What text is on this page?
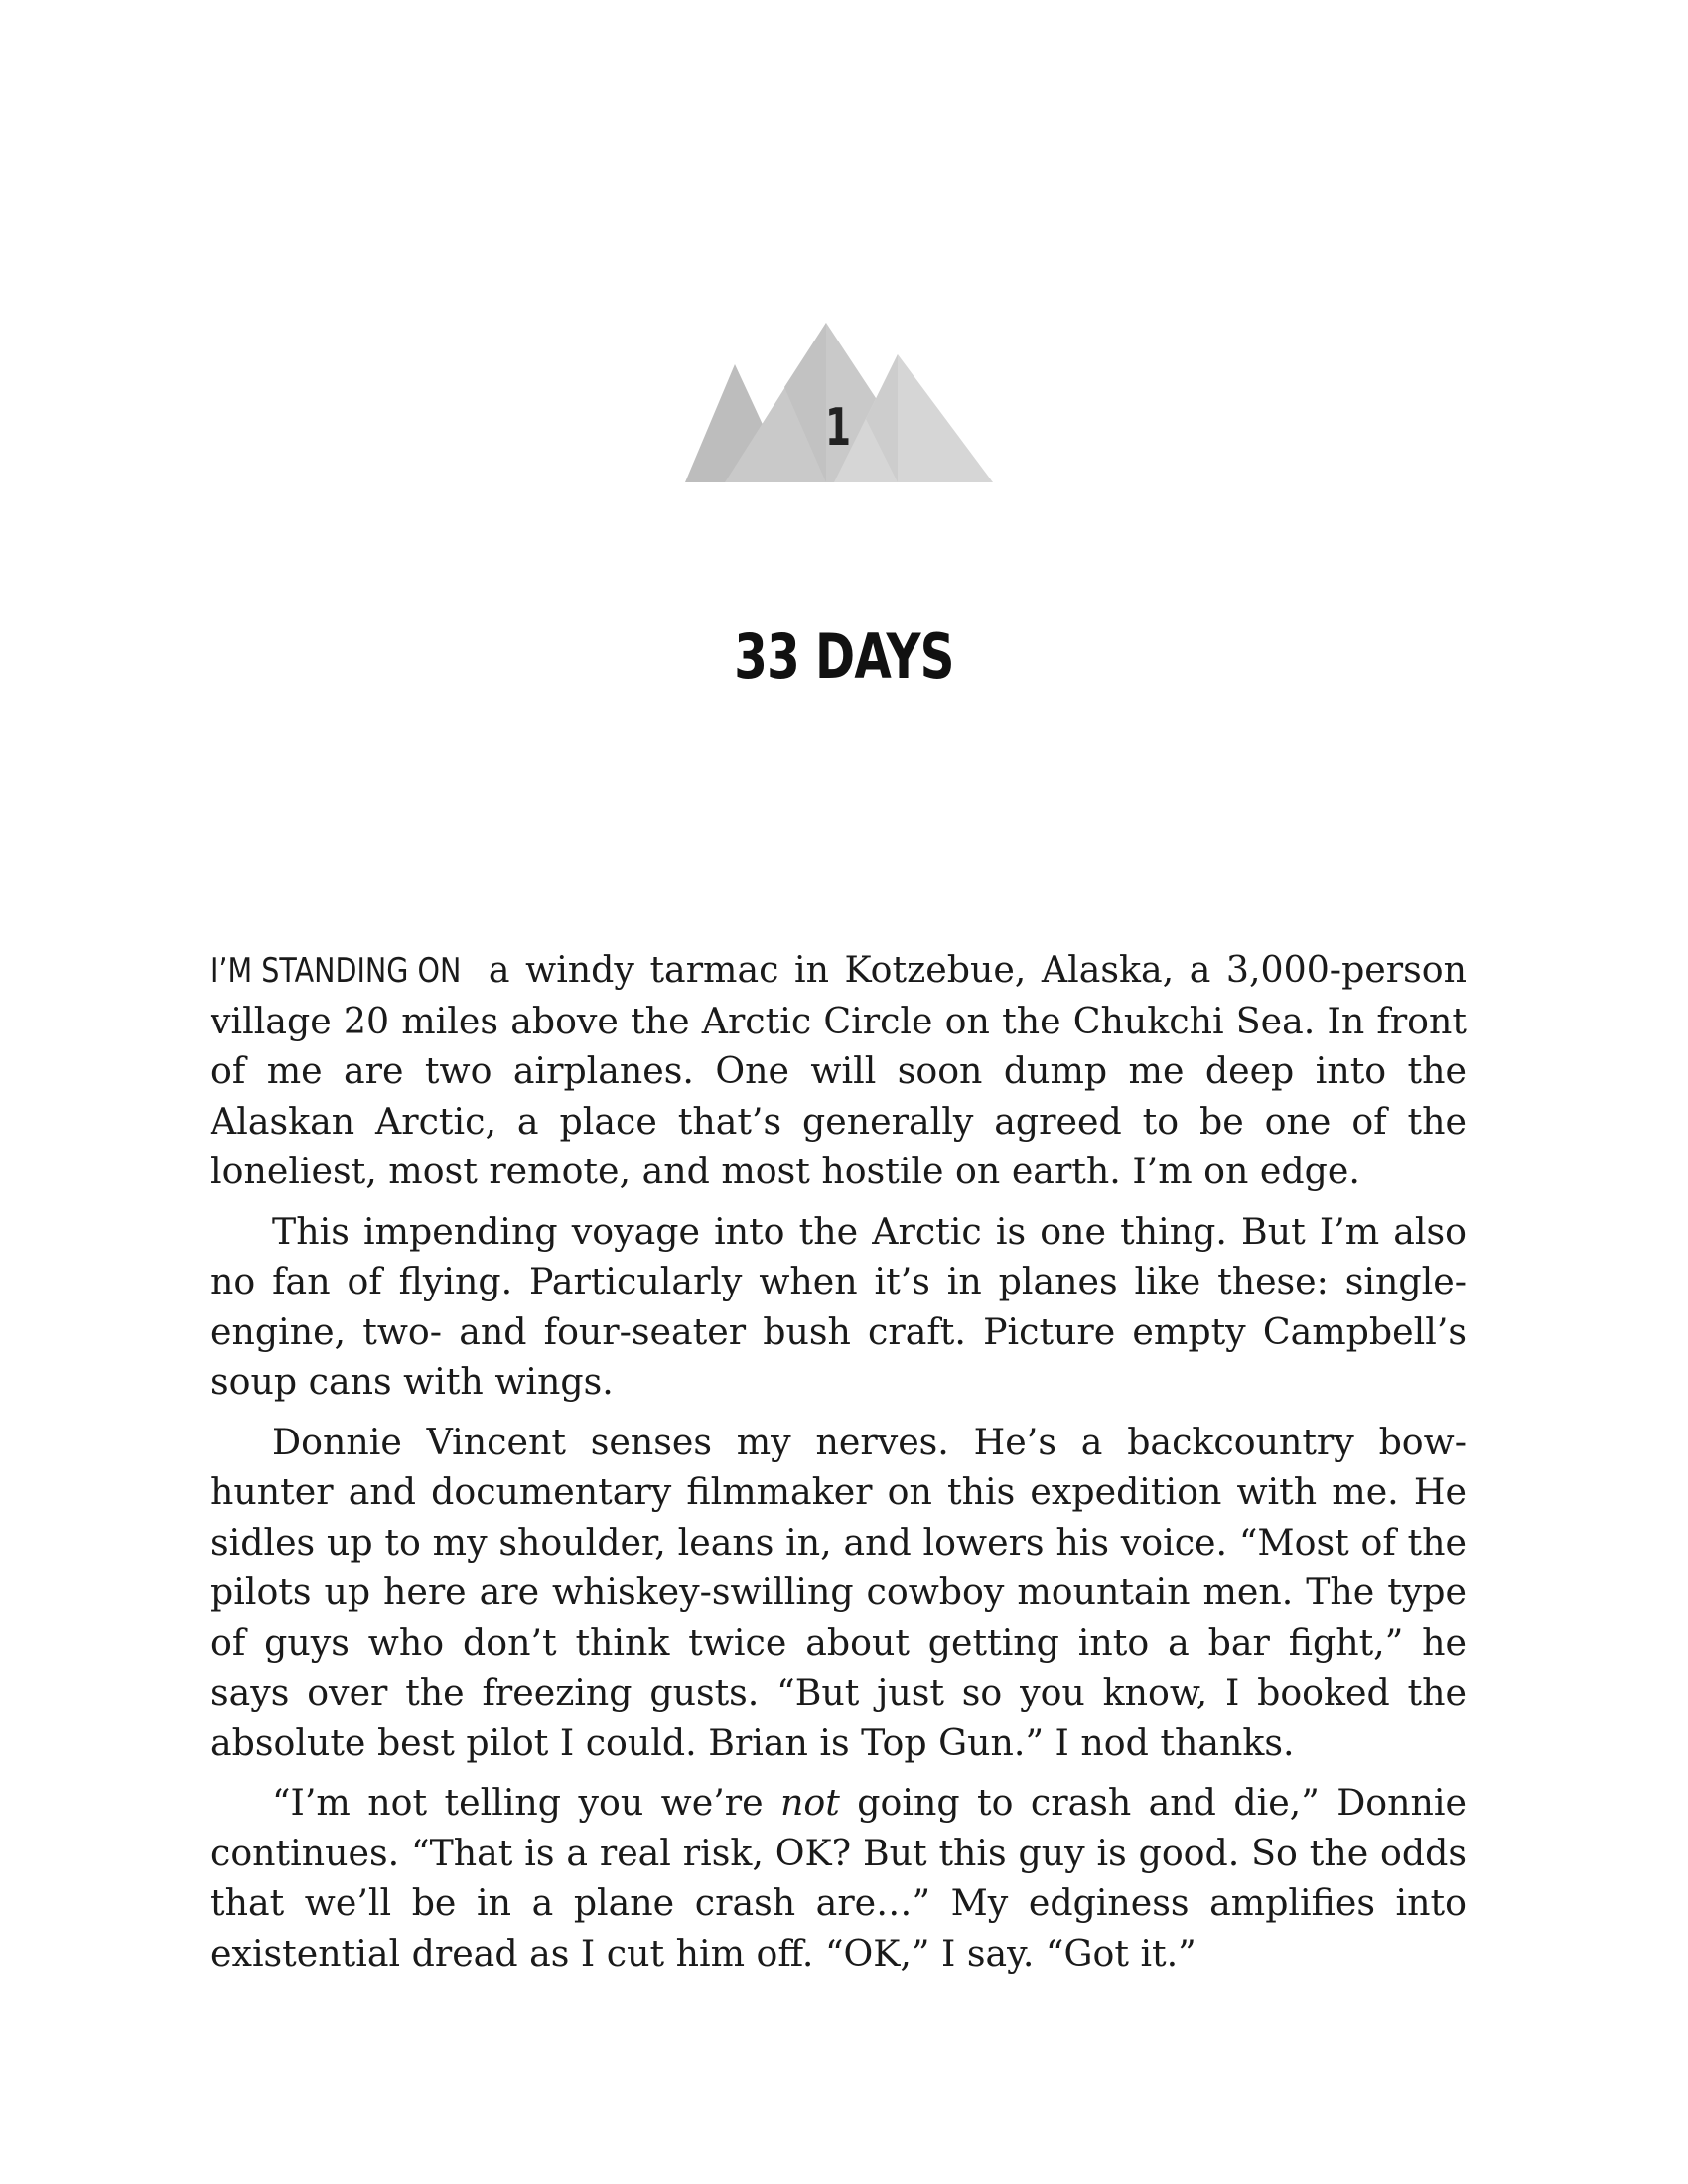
1
33 DAYS

I’M STANDING ON a windy tarmac in Kotzebue, Alaska, a 3,000-person village 20 miles above the Arctic Circle on the Chukchi Sea. In front of me are two airplanes. One will soon dump me deep into the Alaskan Arctic, a place that’s generally agreed to be one of the loneliest, most remote, and most hostile on earth. I’m on edge.

This impending voyage into the Arctic is one thing. But I’m also no fan of flying. Particularly when it’s in planes like these: single-engine, two- and four-seater bush craft. Picture empty Campbell’s soup cans with wings.

Donnie Vincent senses my nerves. He’s a backcountry bow-hunter and documentary filmmaker on this expedition with me. He sidles up to my shoulder, leans in, and lowers his voice. “Most of the pilots up here are whiskey-swilling cowboy mountain men. The type of guys who don’t think twice about getting into a bar fight,” he says over the freezing gusts. “But just so you know, I booked the absolute best pilot I could. Brian is Top Gun.” I nod thanks.

“I’m not telling you we’re not going to crash and die,” Donnie continues. “That is a real risk, OK? But this guy is good. So the odds that we’ll be in a plane crash are…” My edginess amplifies into existential dread as I cut him off. “OK,” I say. “Got it.”
